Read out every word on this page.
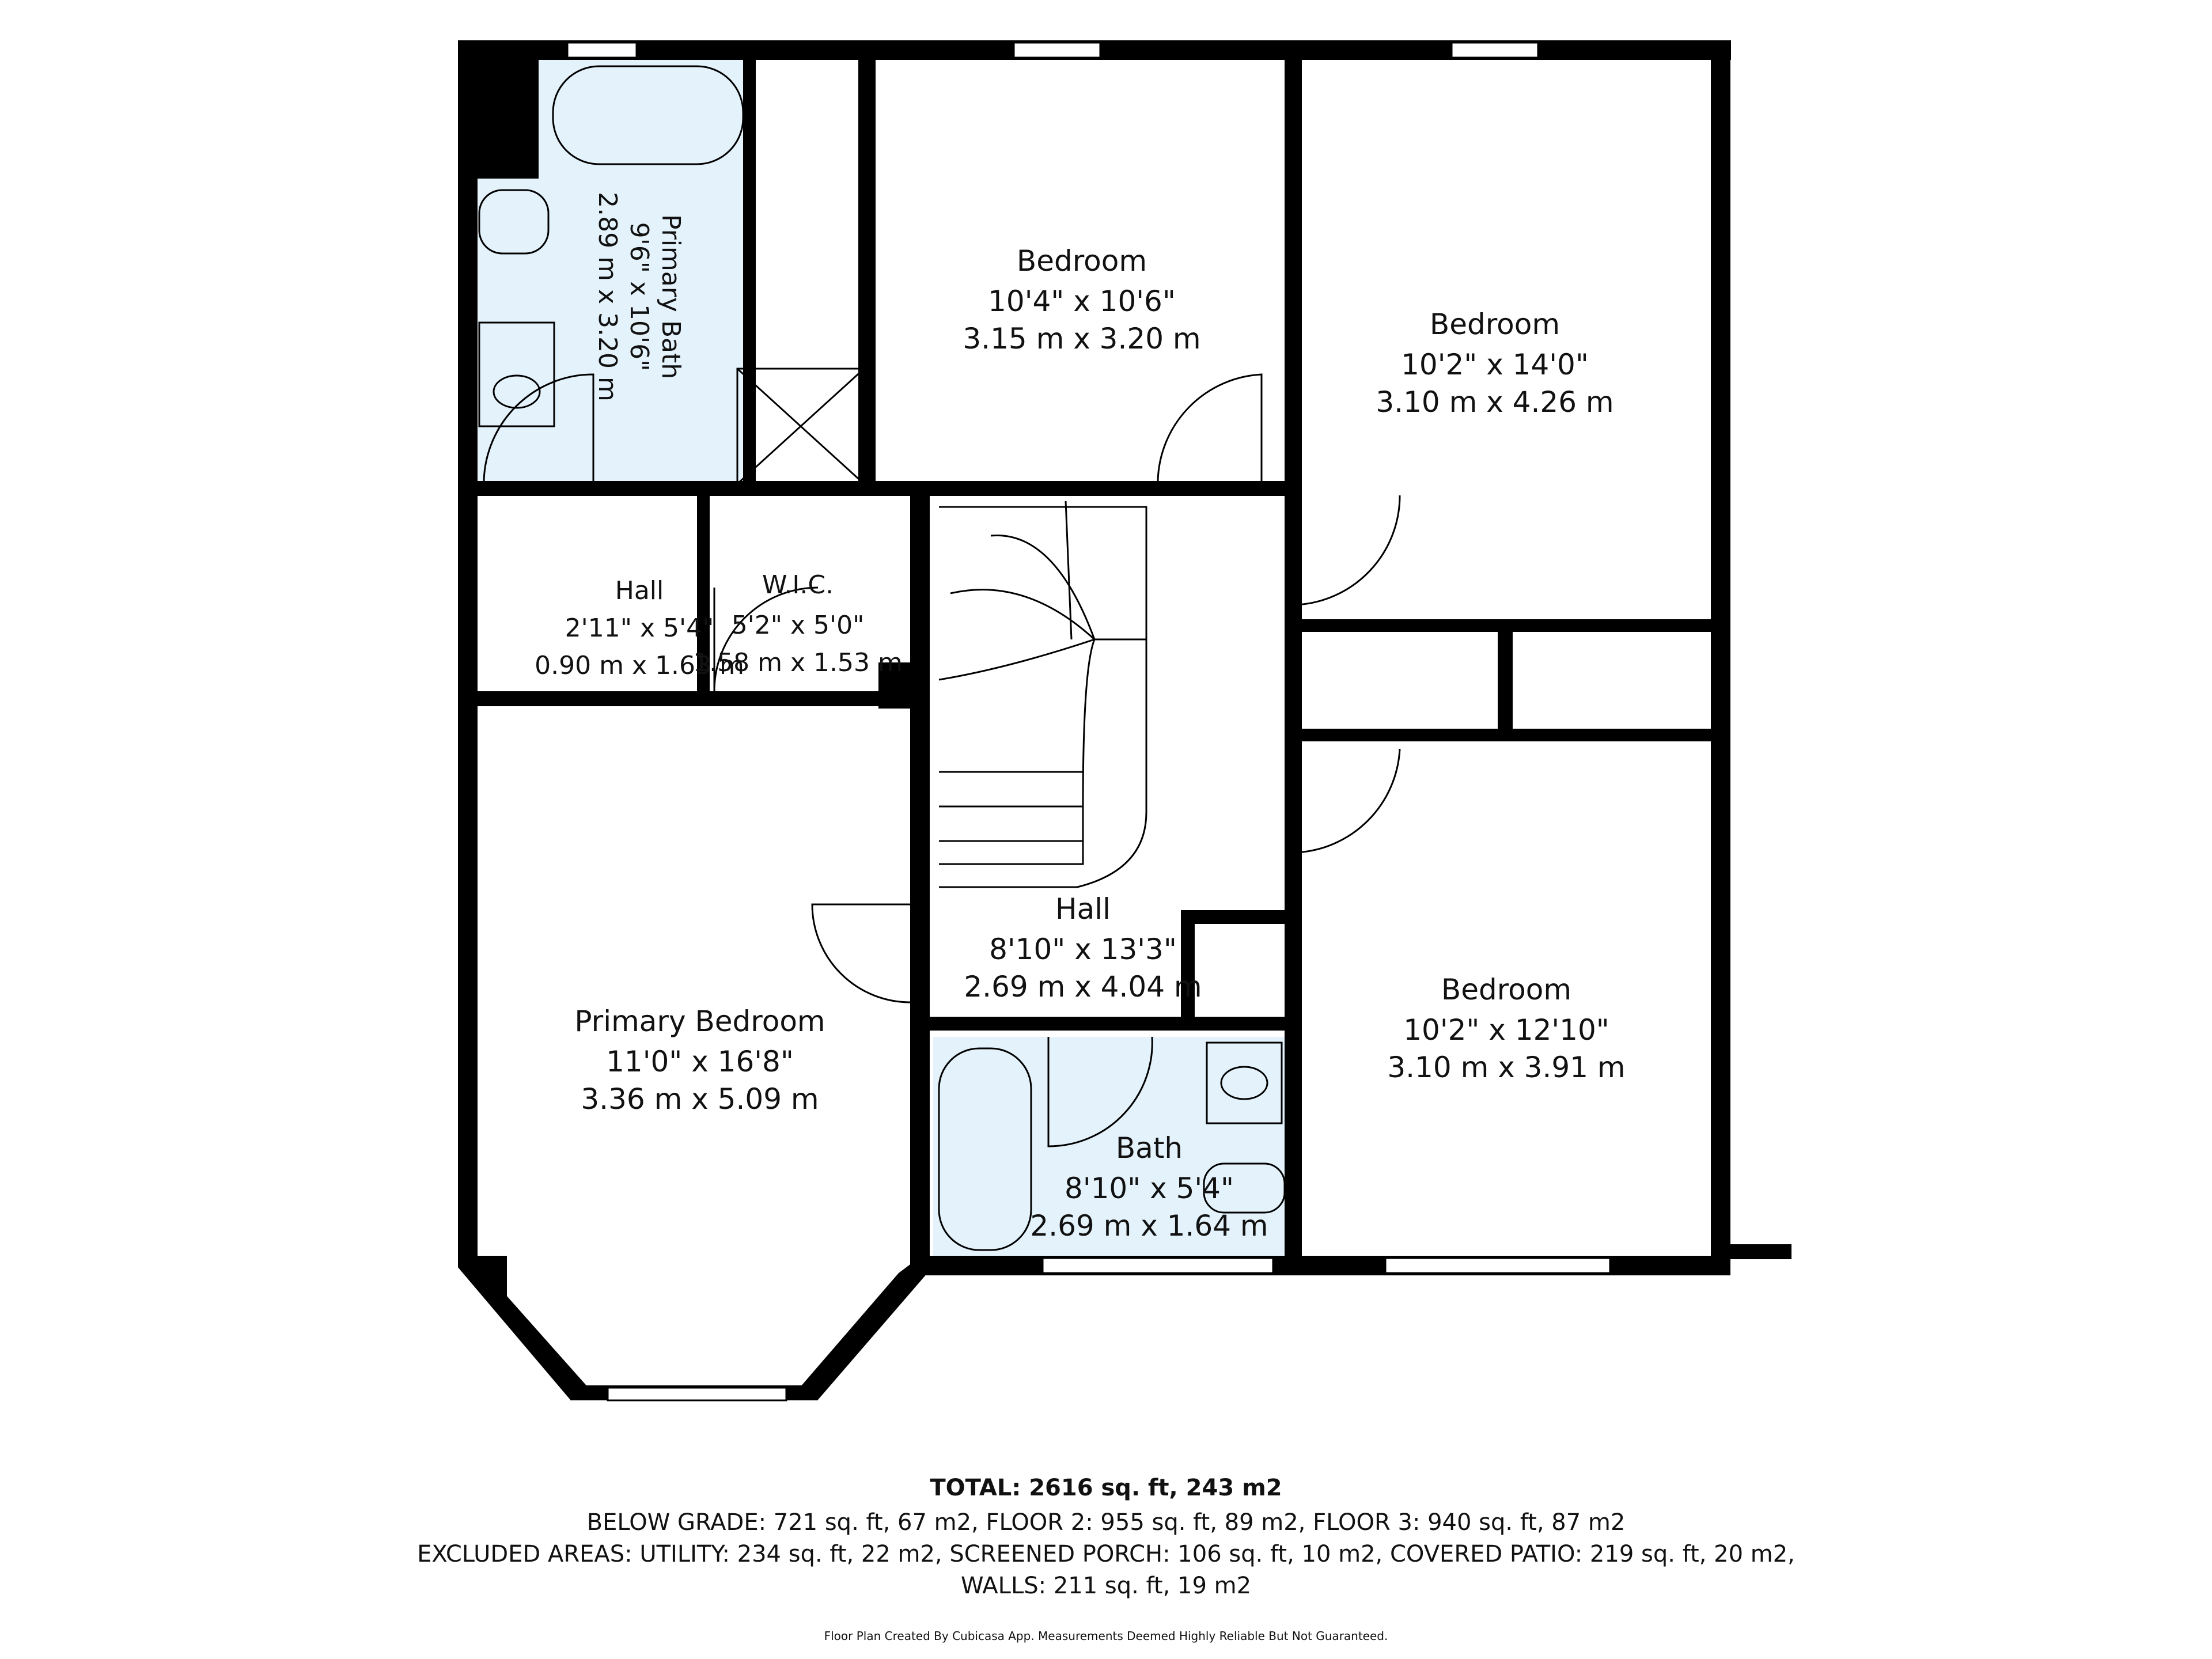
Primary Bath
9'6" x 10'6"
2.89 m x 3.20 m	Bedroom
10'4" x 10'6"
3.15 m x 3.20 m	Bedroom
10'2" x 14'0"
3.10 m x 4.26 m
Hall
2'11" x 5'4"
0.90 m x 1.63 m
W.I.C.
5'2" x 5'0"
1.58 m x 1.53 m
Hall
8'10" x 13'3"
2.69 m x 4.04 m
Primary Bedroom
11'0" x 16'8"
3.36 m x 5.09 m
Bedroom
10'2" x 12'10"
3.10 m x 3.91 m
Bath
8'10" x 5'4"
2.69 m x 1.64 m
TOTAL: 2616 sq. ft, 243 m2
BELOW GRADE: 721 sq. ft, 67 m2, FLOOR 2: 955 sq. ft, 89 m2, FLOOR 3: 940 sq. ft, 87 m2
EXCLUDED AREAS: UTILITY: 234 sq. ft, 22 m2, SCREENED PORCH: 106 sq. ft, 10 m2, COVERED PATIO: 219 sq. ft, 20 m2,
WALLS: 211 sq. ft, 19 m2
Floor Plan Created By Cubicasa App. Measurements Deemed Highly Reliable But Not Guaranteed.
